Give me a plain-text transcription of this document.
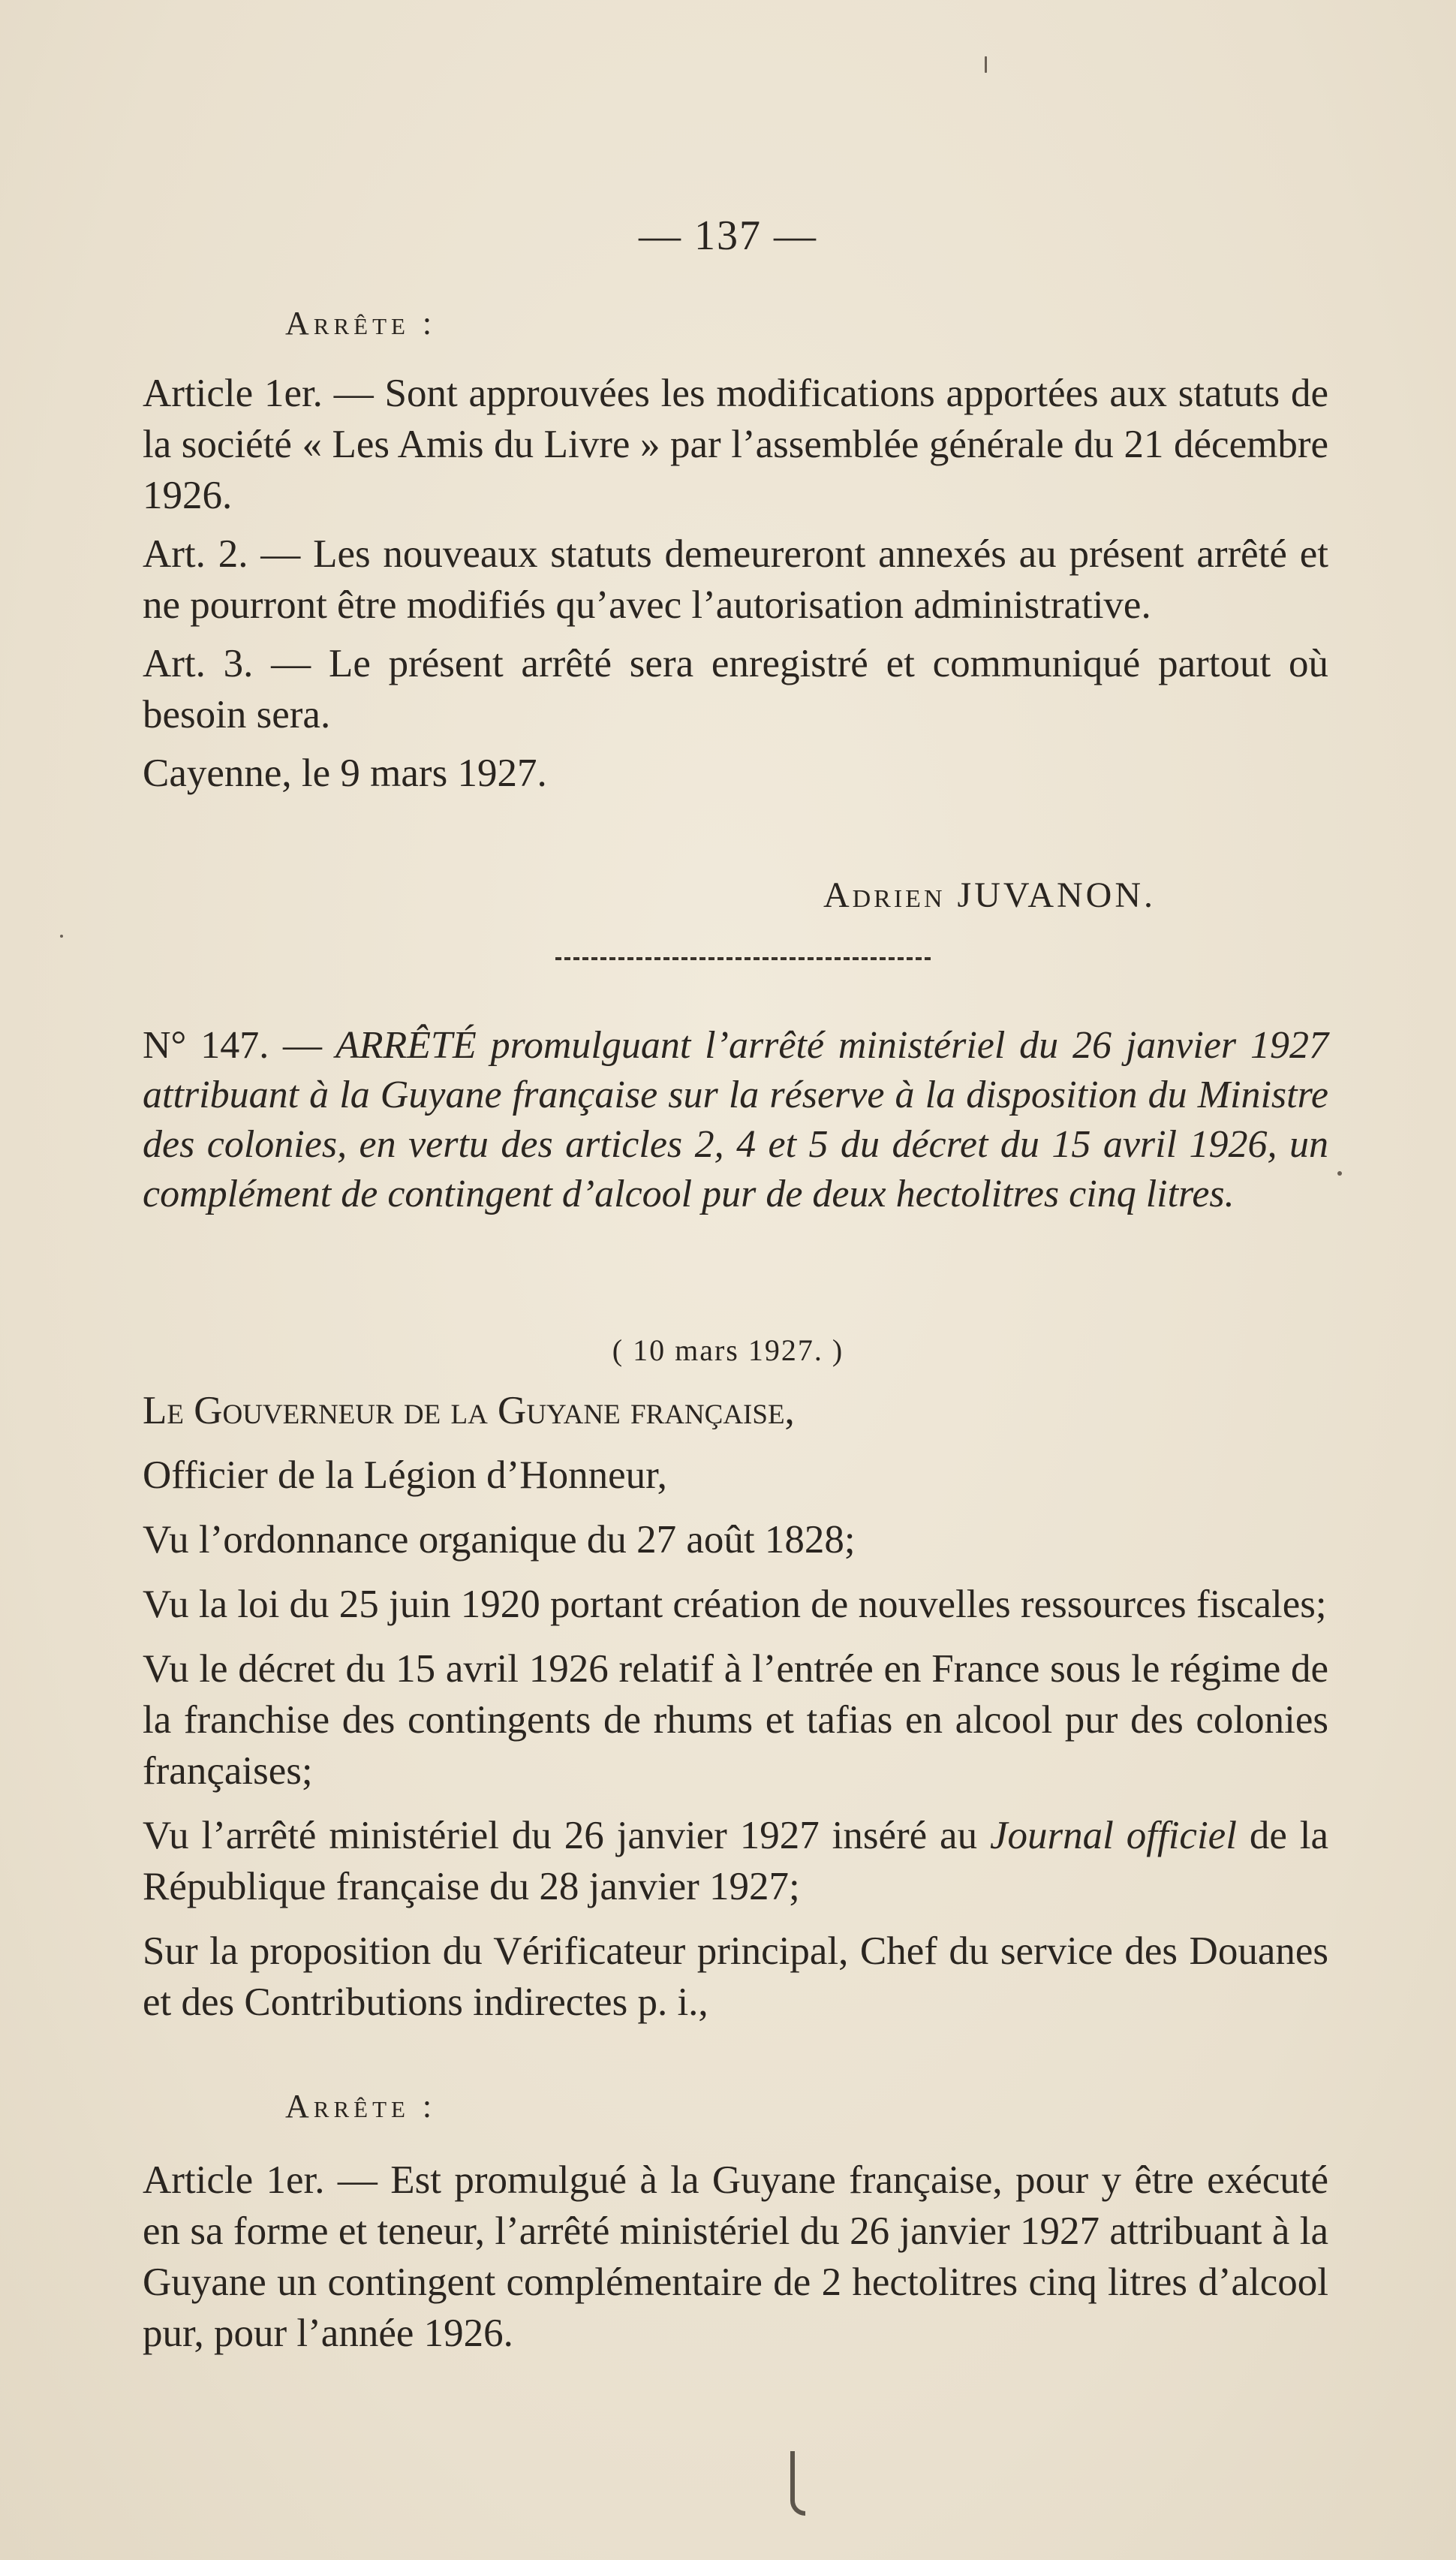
— 137 —
Arrête :

Article 1er. — Sont approuvées les modifications apportées aux statuts de la société « Les Amis du Livre » par l’assemblée générale du 21 décembre 1926.

Art. 2. — Les nouveaux statuts demeureront annexés au présent arrêté et ne pourront être modifiés qu’avec l’autorisation administrative.

Art. 3. — Le présent arrêté sera enregistré et communiqué partout où besoin sera.

Cayenne, le 9 mars 1927.

Adrien JUVANON.
N° 147. — ARRÊTÉ promulguant l’arrêté ministériel du 26 janvier 1927 attribuant à la Guyane française sur la réserve à la disposition du Ministre des colonies, en vertu des articles 2, 4 et 5 du décret du 15 avril 1926, un complément de contingent d’alcool pur de deux hectolitres cinq litres.
( 10 mars 1927. )

Le Gouverneur de la Guyane française,

Officier de la Légion d’Honneur,

Vu l’ordonnance organique du 27 août 1828;

Vu la loi du 25 juin 1920 portant création de nouvelles ressources fiscales;

Vu le décret du 15 avril 1926 relatif à l’entrée en France sous le régime de la franchise des contingents de rhums et tafias en alcool pur des colonies françaises;

Vu l’arrêté ministériel du 26 janvier 1927 inséré au Journal officiel de la République française du 28 janvier 1927;

Sur la proposition du Vérificateur principal, Chef du service des Douanes et des Contributions indirectes p. i.,

Arrête :
Article 1er. — Est promulgué à la Guyane française, pour y être exécuté en sa forme et teneur, l’arrêté ministériel du 26 janvier 1927 attribuant à la Guyane un contingent complémentaire de 2 hectolitres cinq litres d’alcool pur, pour l’année 1926.
